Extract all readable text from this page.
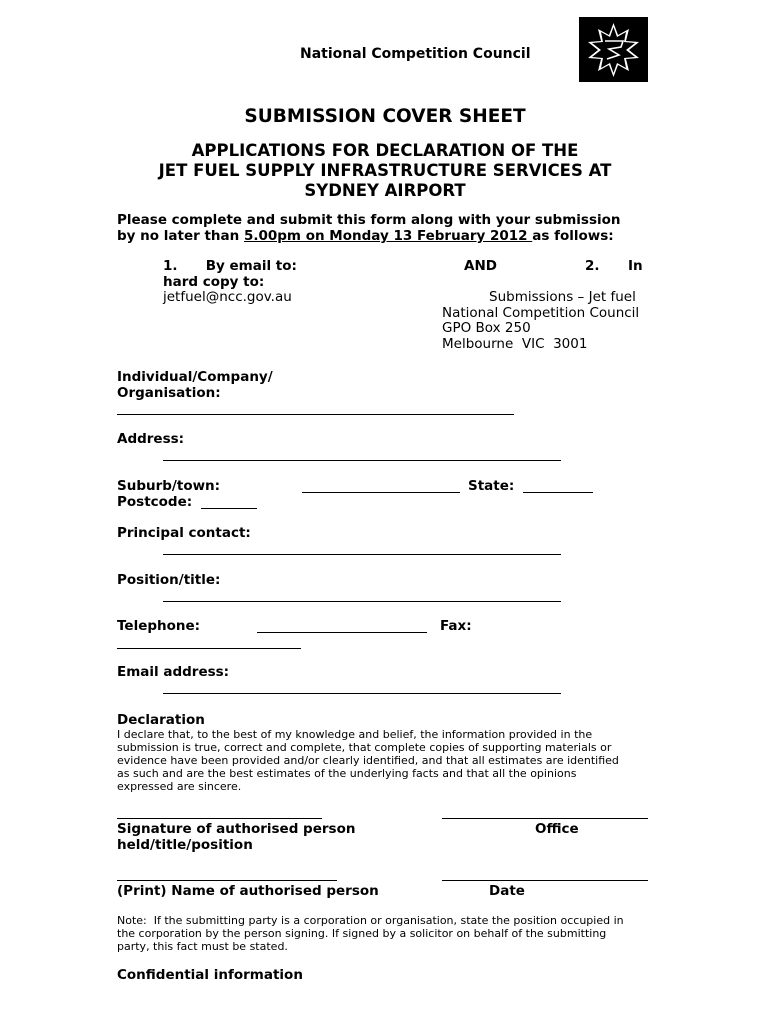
National Competition Council
SUBMISSION COVER SHEET
APPLICATIONS FOR DECLARATION OF THE
JET FUEL SUPPLY INFRASTRUCTURE SERVICES AT
SYDNEY AIRPORT
Please complete and submit this form along with your submission
by no later than 5.00pm on Monday 13 February 2012 as follows:
1.      By email to:	AND	2. In
hard copy to:
jetfuel@ncc.gov.au	Submissions – Jet fuel
National Competition Council
GPO Box 250
Melbourne  VIC  3001
Individual/Company/
Organisation:
Address:
Suburb/town:	State:
Postcode:
Principal contact:
Position/title:
Telephone:	Fax:
Email address:
Declaration
I declare that, to the best of my knowledge and belief, the information provided in the
submission is true, correct and complete, that complete copies of supporting materials or
evidence have been provided and/or clearly identified, and that all estimates are identified
as such and are the best estimates of the underlying facts and that all the opinions
expressed are sincere.
Signature of authorised person	Office
held/title/position
(Print) Name of authorised person	Date
Note:  If the submitting party is a corporation or organisation, state the position occupied in
the corporation by the person signing. If signed by a solicitor on behalf of the submitting
party, this fact must be stated.
Confidential information
